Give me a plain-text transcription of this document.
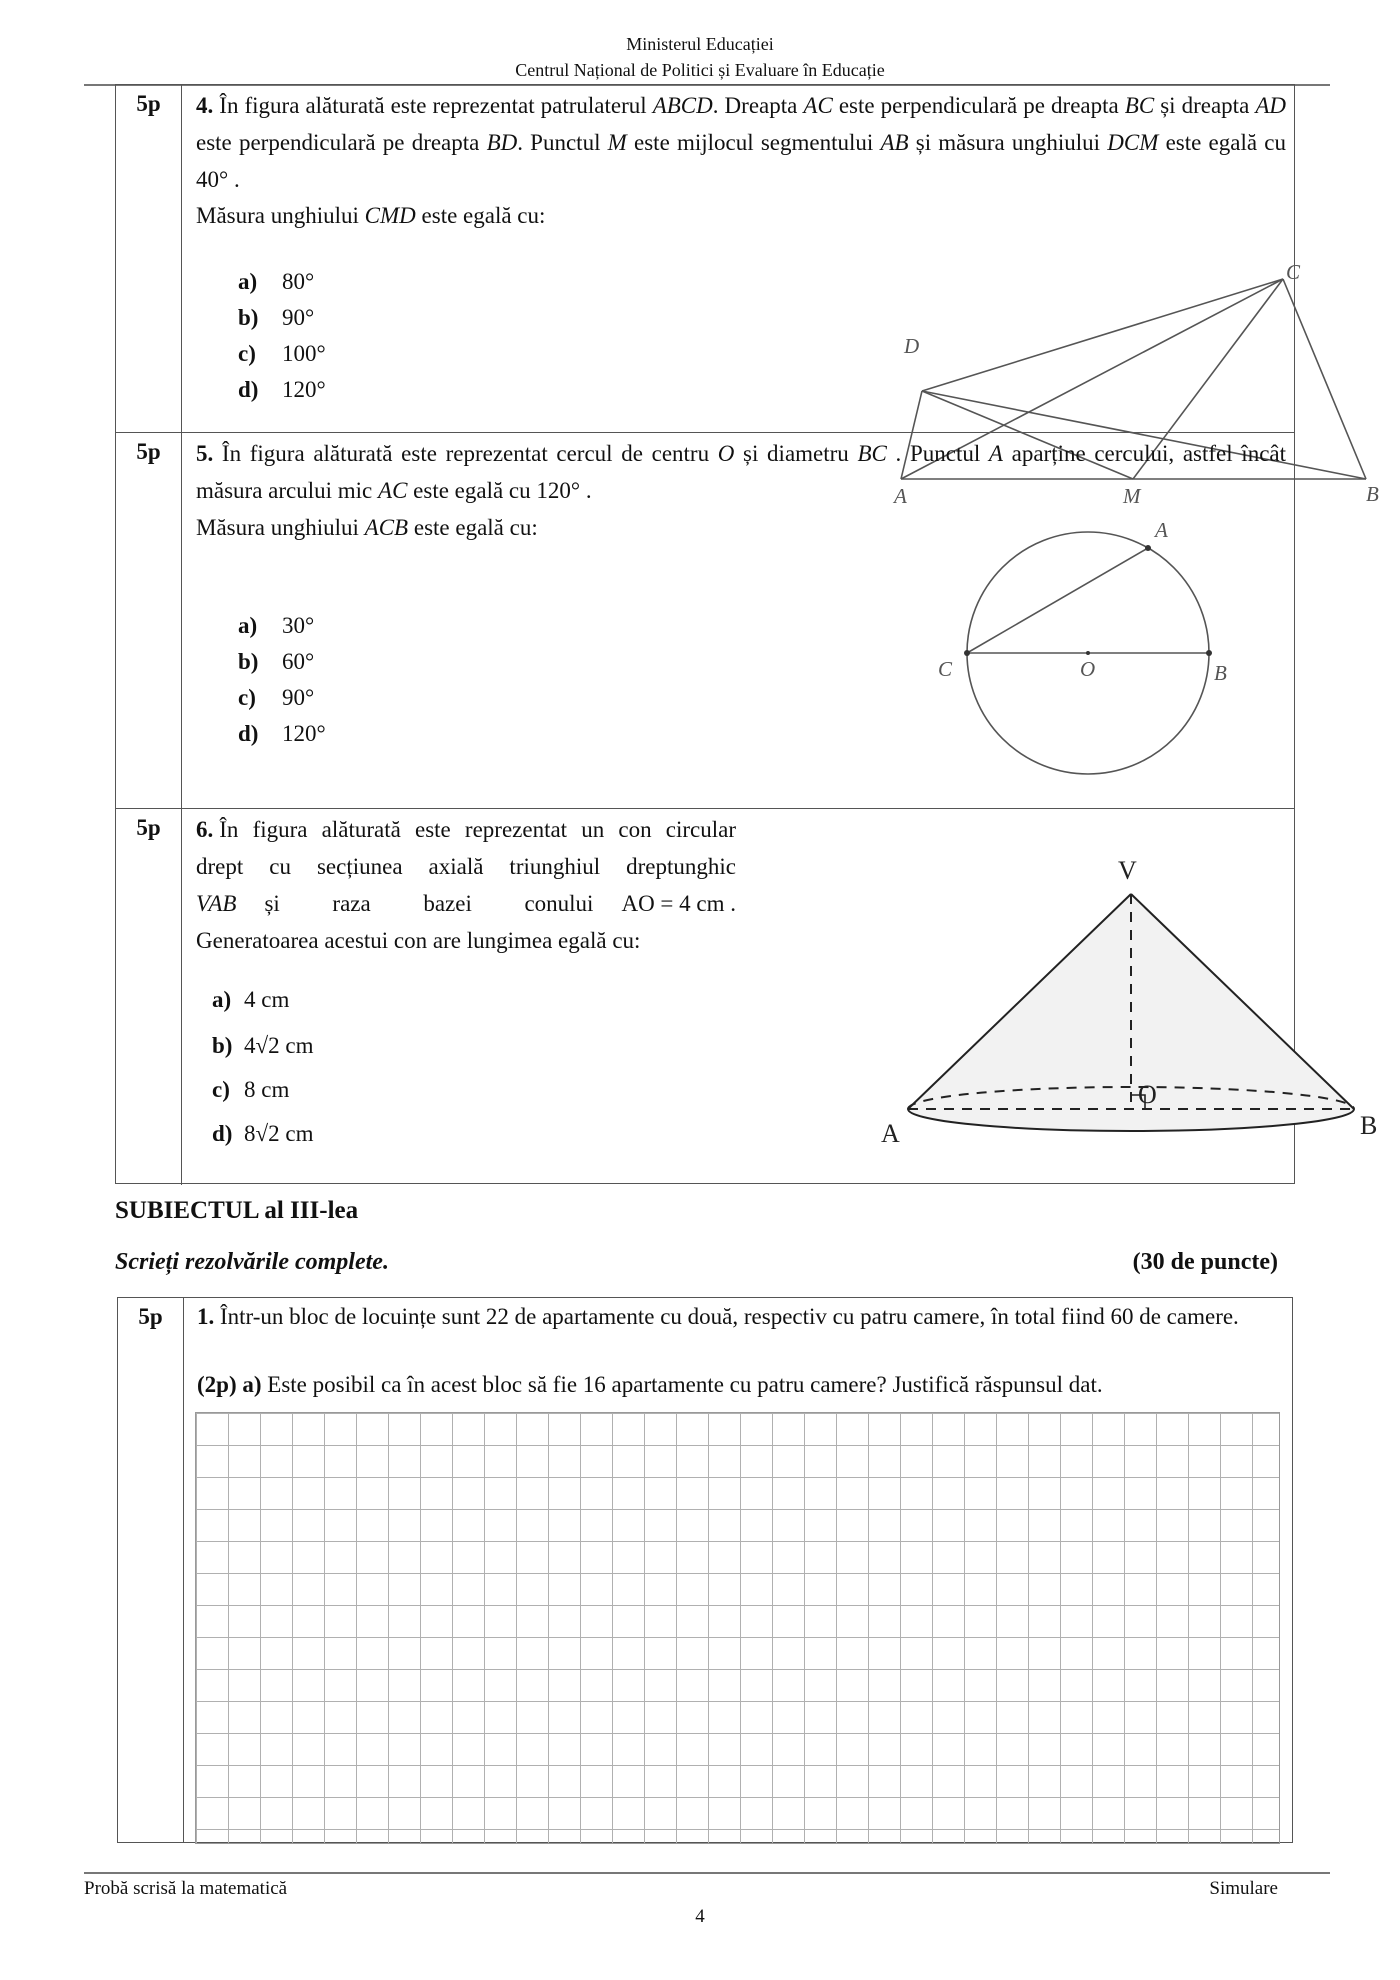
Ministerul Educației
Centrul Național de Politici și Evaluare în Educație
5p	4. În figura alăturată este reprezentat patrulaterul ABCD. Dreapta AC este perpendiculară pe dreapta BC și dreapta AD este perpendiculară pe dreapta BD. Punctul M este mijlocul segmentului AB și măsura unghiului DCM este egală cu 40° .
Măsura unghiului CMD este egală cu:
a) 80°
b) 90°
c) 100°
d) 120°
D
C
A	M	B
5p	5. În figura alăturată este reprezentat cercul de centru O și diametru BC . Punctul A aparține cercului, astfel încât măsura arcului mic AC este egală cu 120° .
Măsura unghiului ACB este egală cu:
a) 30°
b) 60°
c) 90°
d) 120°
A
C	O	B
5p	6. În figura alăturată este reprezentat un con circular
drept cu secțiunea axială triunghiul dreptunghic
VAB și raza bazei conului AO = 4 cm .
Generatoarea acestui con are lungimea egală cu:
a) 4 cm
b) 4√2 cm
c) 8 cm
d) 8√2 cm
V
A	B
O
SUBIECTUL al III-lea
Scrieți rezolvările complete.	(30 de puncte)
5p	1. Într-un bloc de locuințe sunt 22 de apartamente cu două, respectiv cu patru camere, în total fiind 60 de camere.
(2p) a) Este posibil ca în acest bloc să fie 16 apartamente cu patru camere? Justifică răspunsul dat.
Probă scrisă la matematică	Simulare
4
